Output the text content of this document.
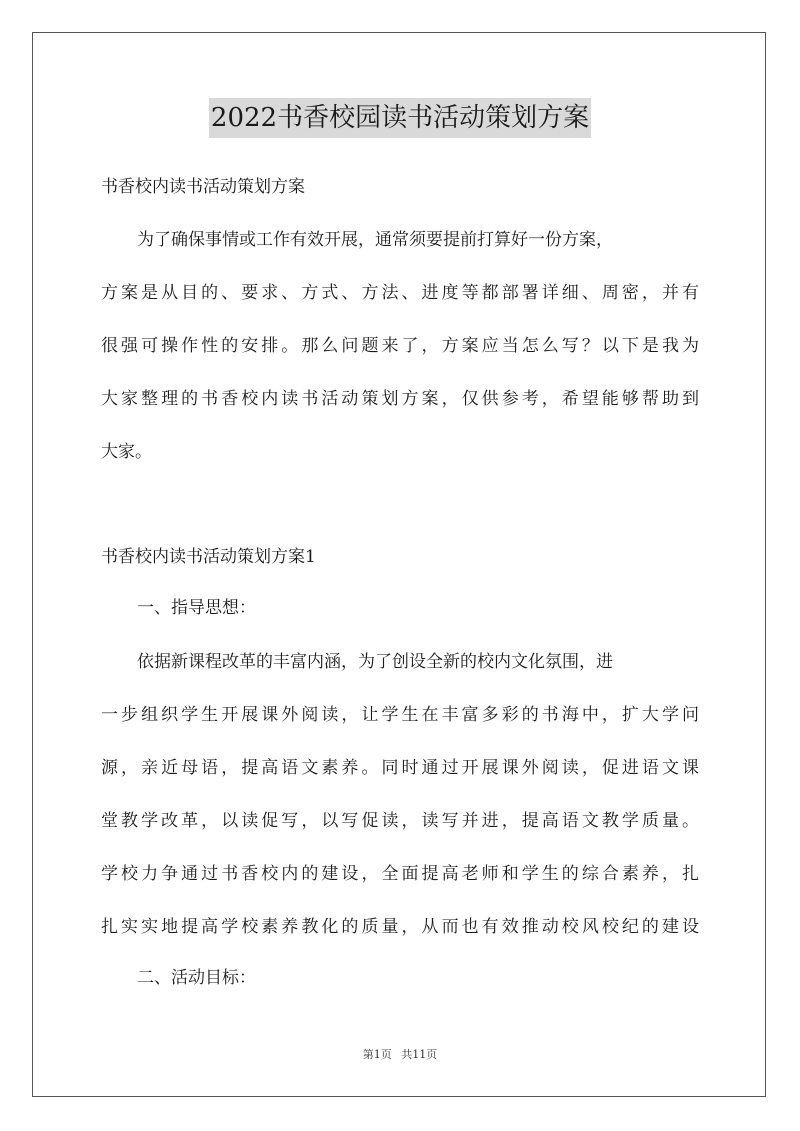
2022书香校园读书活动策划方案
书香校内读书活动策划方案
为了确保事情或工作有效开展，通常须要提前打算好一份方案，
方案是从目的、要求、方式、方法、进度等都部署详细、周密，并有
很强可操作性的安排。那么问题来了，方案应当怎么写？以下是我为
大家整理的书香校内读书活动策划方案，仅供参考，希望能够帮助到
大家。
书香校内读书活动策划方案1
一、指导思想：
依据新课程改革的丰富内涵，为了创设全新的校内文化氛围，进
一步组织学生开展课外阅读，让学生在丰富多彩的书海中，扩大学问
源，亲近母语，提高语文素养。同时通过开展课外阅读，促进语文课
堂教学改革，以读促写，以写促读，读写并进，提高语文教学质量。
学校力争通过书香校内的建设，全面提高老师和学生的综合素养，扎
扎实实地提高学校素养教化的质量，从而也有效推动校风校纪的建设
二、活动目标：
第1页 共11页
